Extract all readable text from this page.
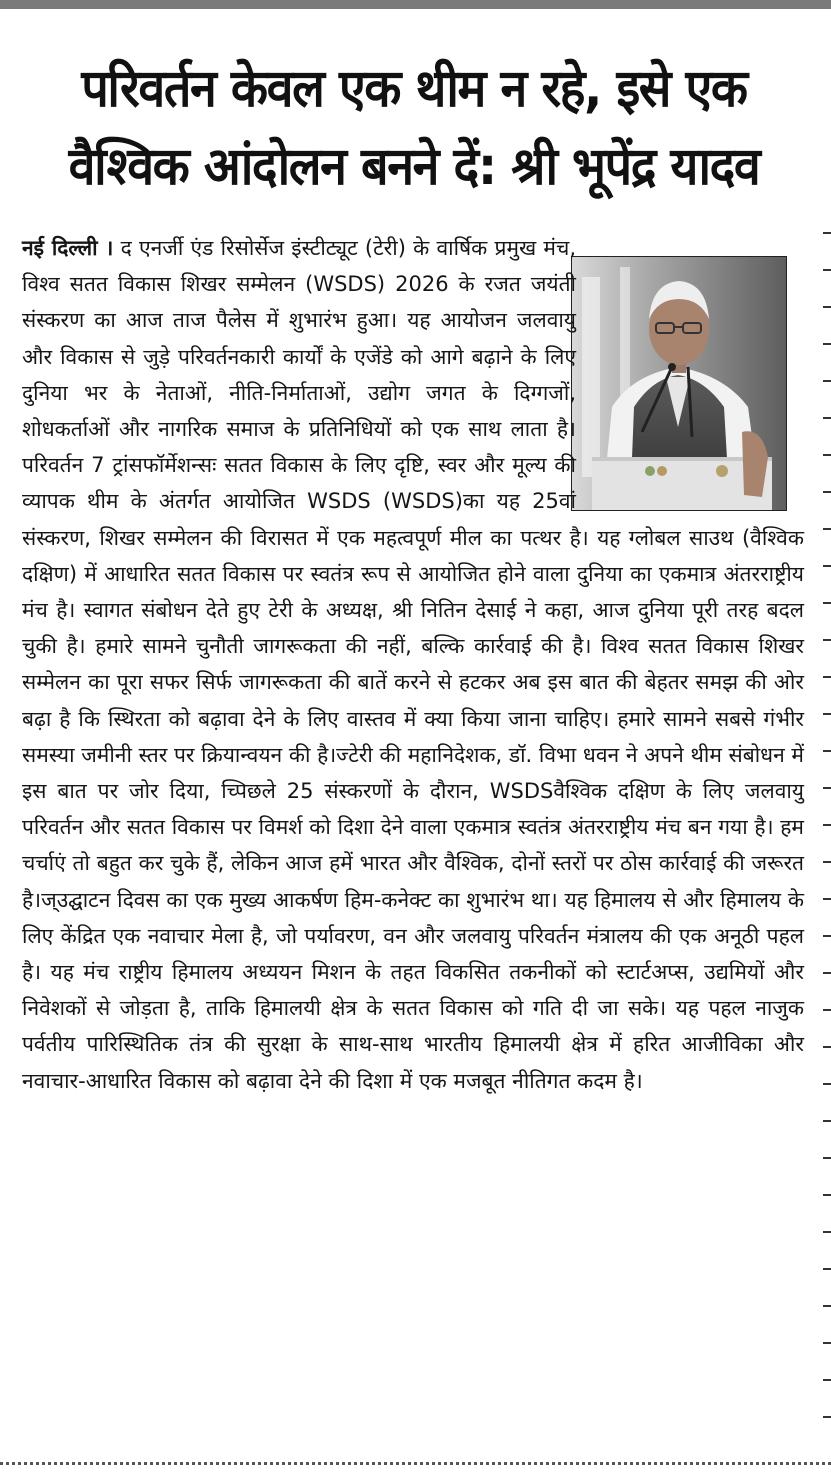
परिवर्तन केवल एक थीम न रहे, इसे एक
वैश्विक आंदोलन बनने दें: श्री भूपेंद्र यादव
नई दिल्ली । द एनर्जी एंड रिसोर्सेज इंस्टीट्यूट (टेरी) के वार्षिक प्रमुख मंच, विश्व सतत विकास शिखर सम्मेलन (WSDS) 2026 के रजत जयंती संस्करण का आज ताज पैलेस में शुभारंभ हुआ। यह आयोजन जलवायु और विकास से जुड़े परिवर्तनकारी कार्यों के एजेंडे को आगे बढ़ाने के लिए दुनिया भर के नेताओं, नीति-निर्माताओं, उद्योग जगत के दिग्गजों, शोधकर्ताओं और नागरिक समाज के प्रतिनिधियों को एक साथ लाता है। परिवर्तन 7 ट्रांसफॉर्मेशन्सः सतत विकास के लिए दृष्टि, स्वर और मूल्य की व्यापक थीम के अंतर्गत आयोजित WSDS (WSDS)का यह 25वां संस्करण, शिखर सम्मेलन की विरासत में एक महत्वपूर्ण मील का पत्थर है। यह ग्लोबल साउथ (वैश्विक दक्षिण) में आधारित सतत विकास पर स्वतंत्र रूप से आयोजित होने वाला दुनिया का एकमात्र अंतरराष्ट्रीय मंच है। स्वागत संबोधन देते हुए टेरी के अध्यक्ष, श्री नितिन देसाई ने कहा, आज दुनिया पूरी तरह बदल चुकी है। हमारे सामने चुनौती जागरूकता की नहीं, बल्कि कार्रवाई की है। विश्व सतत विकास शिखर सम्मेलन का पूरा सफर सिर्फ जागरूकता की बातें करने से हटकर अब इस बात की बेहतर समझ की ओर बढ़ा है कि स्थिरता को बढ़ावा देने के लिए वास्तव में क्या किया जाना चाहिए। हमारे सामने सबसे गंभीर समस्या जमीनी स्तर पर क्रियान्वयन की है।ज्टेरी की महानिदेशक, डॉ. विभा धवन ने अपने थीम संबोधन में इस बात पर जोर दिया, च्पिछले 25 संस्करणों के दौरान, WSDSवैश्विक दक्षिण के लिए जलवायु परिवर्तन और सतत विकास पर विमर्श को दिशा देने वाला एकमात्र स्वतंत्र अंतरराष्ट्रीय मंच बन गया है। हम चर्चाएं तो बहुत कर चुके हैं, लेकिन आज हमें भारत और वैश्विक, दोनों स्तरों पर ठोस कार्रवाई की जरूरत है।ज्उद्घाटन दिवस का एक मुख्य आकर्षण हिम-कनेक्ट का शुभारंभ था। यह हिमालय से और हिमालय के लिए केंद्रित एक नवाचार मेला है, जो पर्यावरण, वन और जलवायु परिवर्तन मंत्रालय की एक अनूठी पहल है। यह मंच राष्ट्रीय हिमालय अध्ययन मिशन के तहत विकसित तकनीकों को स्टार्टअप्स, उद्यमियों और निवेशकों से जोड़ता है, ताकि हिमालयी क्षेत्र के सतत विकास को गति दी जा सके। यह पहल नाजुक पर्वतीय पारिस्थितिक तंत्र की सुरक्षा के साथ-साथ भारतीय हिमालयी क्षेत्र में हरित आजीविका और नवाचार-आधारित विकास को बढ़ावा देने की दिशा में एक मजबूत नीतिगत कदम है।
